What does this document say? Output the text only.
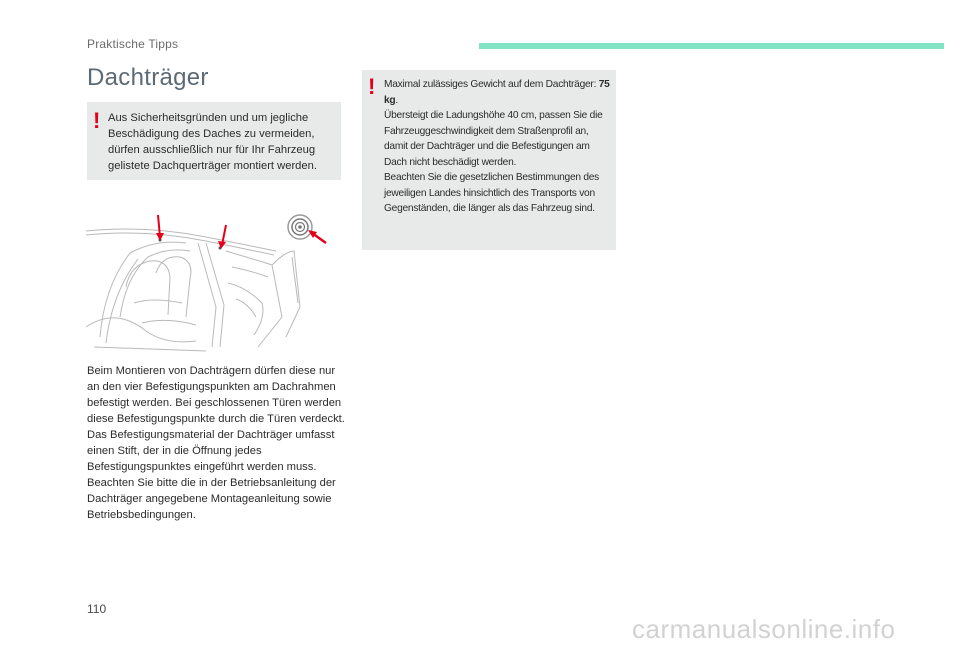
Praktische Tipps
Dachträger
! Aus Sicherheitsgründen und um jegliche Beschädigung des Daches zu vermeiden, dürfen ausschließlich nur für Ihr Fahrzeug gelistete Dachquerträger montiert werden.
! Maximal zulässiges Gewicht auf dem Dachträger: 75 kg.

Übersteigt die Ladungshöhe 40 cm, passen Sie die Fahrzeuggeschwindigkeit dem Straßenprofil an, damit der Dachträger und die Befestigungen am Dach nicht beschädigt werden.

Beachten Sie die gesetzlichen Bestimmungen des jeweiligen Landes hinsichtlich des Transports von Gegenständen, die länger als das Fahrzeug sind.

Beim Montieren von Dachträgern dürfen diese nur an den vier Befestigungspunkten am Dachrahmen befestigt werden. Bei geschlossenen Türen werden diese Befestigungspunkte durch die Türen verdeckt. Das Befestigungsmaterial der Dachträger umfasst einen Stift, der in die Öffnung jedes Befestigungspunktes eingeführt werden muss. Beachten Sie bitte die in der Betriebsanleitung der Dachträger angegebene Montageanleitung sowie Betriebsbedingungen.
110
carmanualsonline.info
